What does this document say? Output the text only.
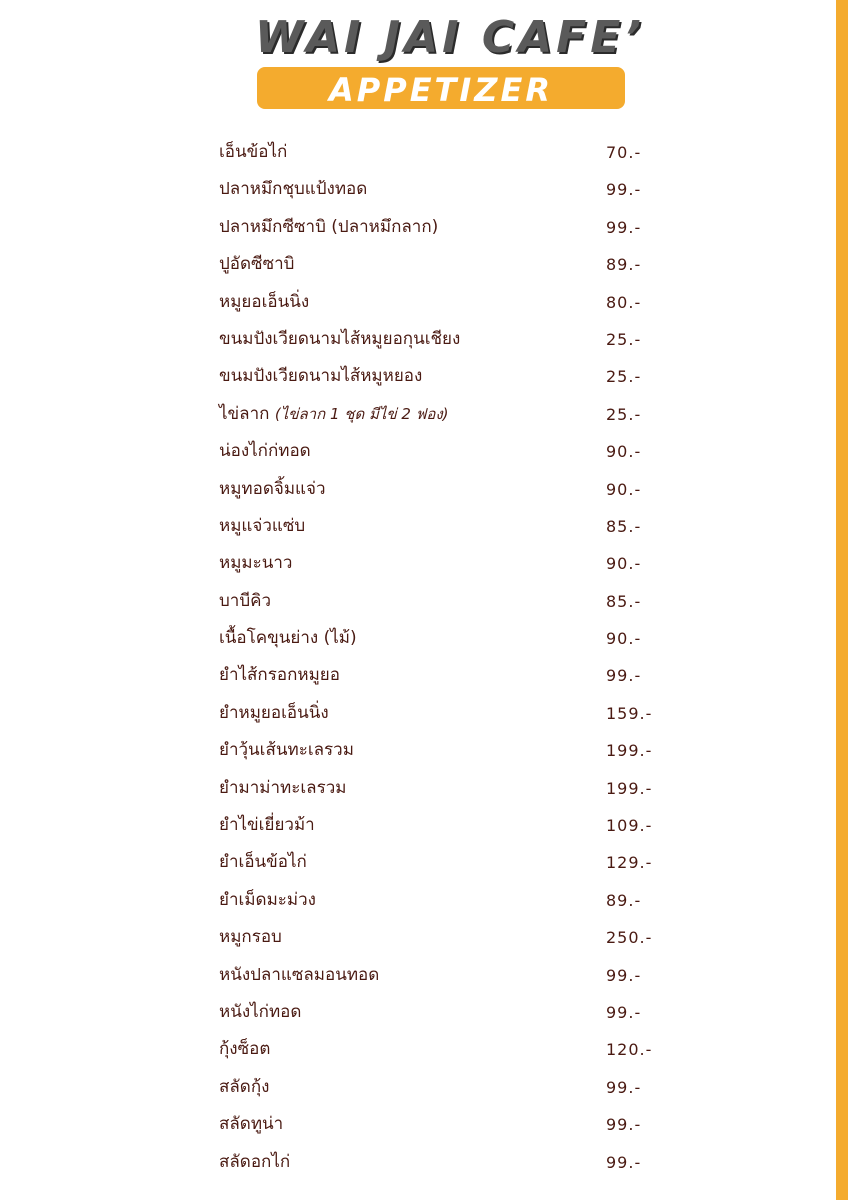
WAI JAI CAFE’
APPETIZER
เอ็นข้อไก่	70.-
ปลาหมึกชุบแป้งทอด	99.-
ปลาหมึกซีซาบิ (ปลาหมึกลาก)	99.-
ปูอัดซีซาบิ	89.-
หมูยอเอ็นนิ่ง	80.-
ขนมปังเวียดนามไส้หมูยอกุนเชียง	25.-
ขนมปังเวียดนามไส้หมูหยอง	25.-
ไข่ลาก (ไข่ลาก 1 ชุด มีไข่ 2 ฟอง)	25.-
น่องไก่ก่ทอด	90.-
หมูทอดจิ้มแจ่ว	90.-
หมูแจ่วแซ่บ	85.-
หมูมะนาว	90.-
บาบีคิว	85.-
เนื้อโคขุนย่าง (ไม้)	90.-
ยำไส้กรอกหมูยอ	99.-
ยำหมูยอเอ็นนิ่ง	159.-
ยำวุ้นเส้นทะเลรวม	199.-
ยำมาม่าทะเลรวม	199.-
ยำไข่เยี่ยวม้า	109.-
ยำเอ็นข้อไก่	129.-
ยำเม็ดมะม่วง	89.-
หมูกรอบ	250.-
หนังปลาแซลมอนทอด	99.-
หนังไก่ทอด	99.-
กุ้งซ็อต	120.-
สลัดกุ้ง	99.-
สลัดทูน่า	99.-
สลัดอกไก่	99.-
